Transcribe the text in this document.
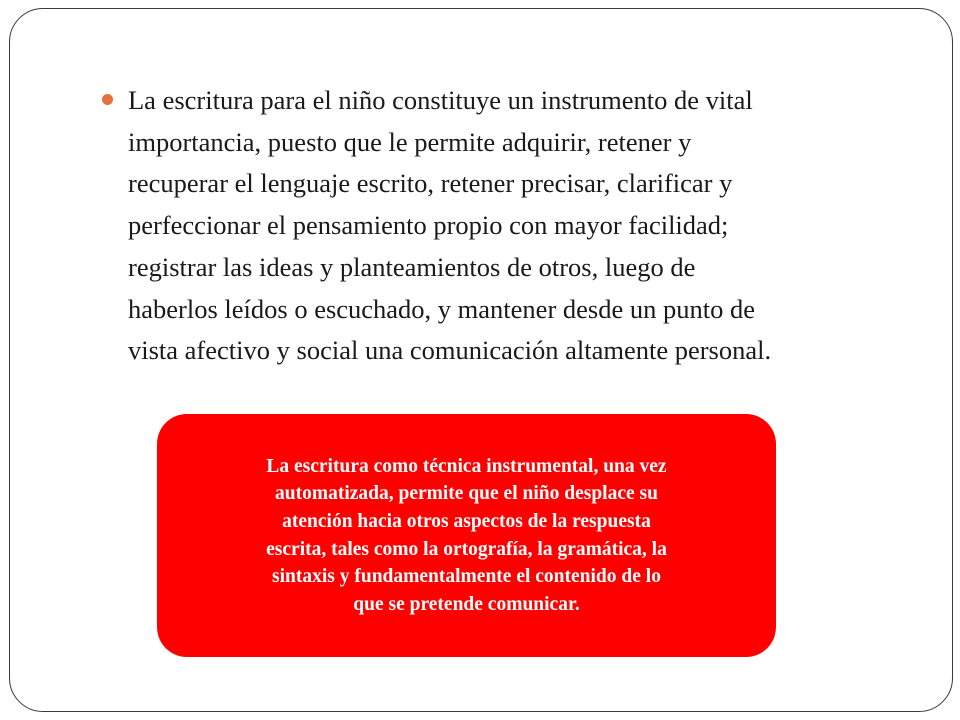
La escritura para el niño constituye un instrumento de vital
importancia, puesto que le permite adquirir, retener y
recuperar el lenguaje escrito, retener precisar, clarificar y
perfeccionar el pensamiento propio con mayor facilidad;
registrar las ideas y planteamientos de otros, luego de
haberlos leídos o escuchado, y mantener desde un punto de
vista afectivo y social una comunicación altamente personal.

La escritura como técnica instrumental, una vez
automatizada, permite que el niño desplace su
atención hacia otros aspectos de la respuesta
escrita, tales como la ortografía, la gramática, la
sintaxis y fundamentalmente el contenido de lo
que se pretende comunicar.
